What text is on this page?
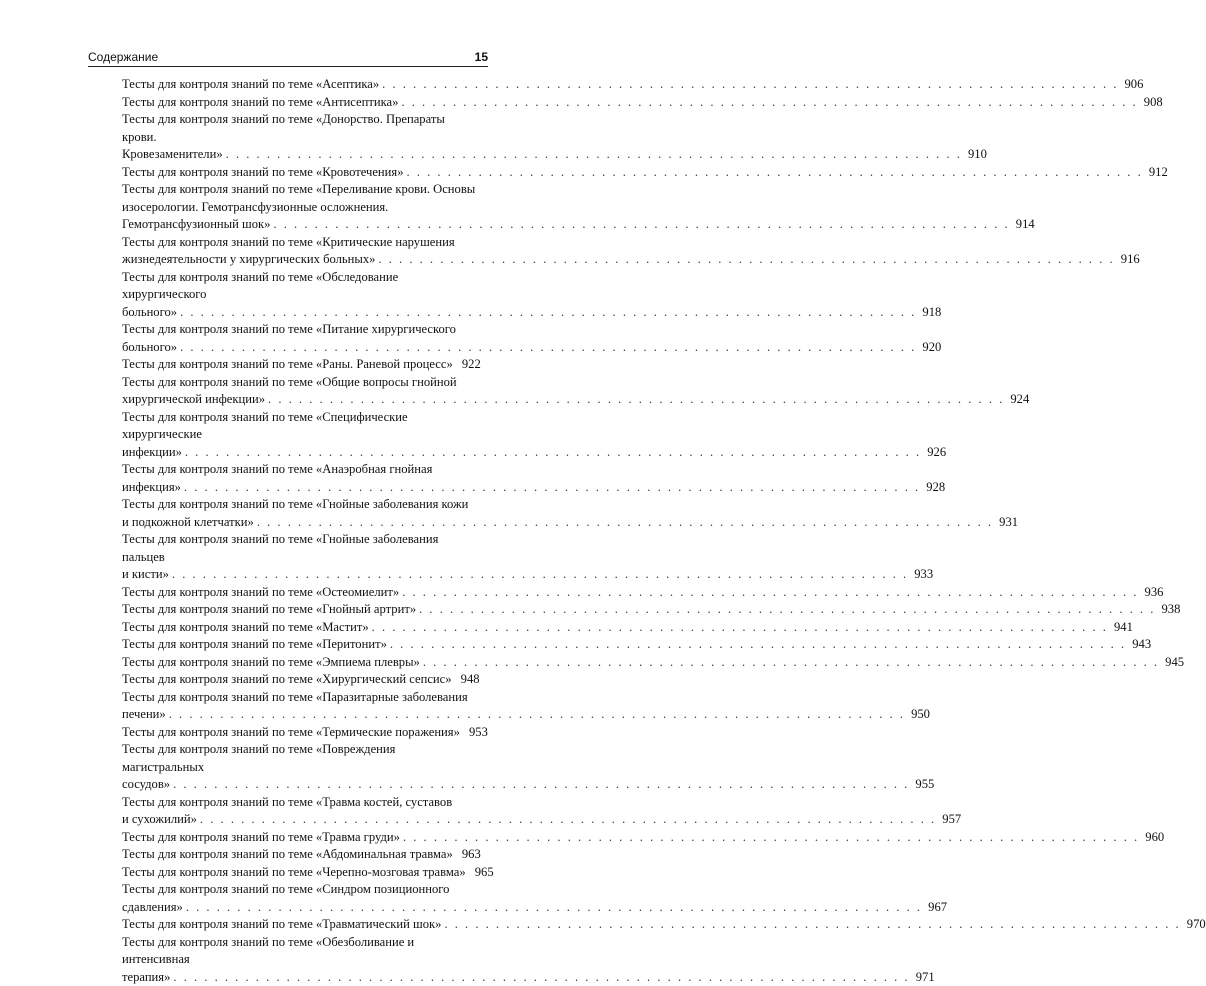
Содержание	15
Тесты для контроля знаний по теме «Асептика» . . . . . . . . . . . . . . . . . . . . . . . . . . . . . . . . . . . . . . . . . . . . . . . . . . . . . . . . . . . . . . . . . . . . . . . . 906
Тесты для контроля знаний по теме «Антисептика» . . . . . . . . . . . . . . . . . . . . . . . . . . . . . . . . . . . . . . . . . . . . . . . . . . . . . . . . . . . . . . . . . . . . . . . . 908
Тесты для контроля знаний по теме «Донорство. Препараты крови.
Кровезаменители» . . . . . . . . . . . . . . . . . . . . . . . . . . . . . . . . . . . . . . . . . . . . . . . . . . . . . . . . . . . . . . . . . . . . . . . . 910
Тесты для контроля знаний по теме «Кровотечения» . . . . . . . . . . . . . . . . . . . . . . . . . . . . . . . . . . . . . . . . . . . . . . . . . . . . . . . . . . . . . . . . . . . . . . . . 912
Тесты для контроля знаний по теме «Переливание крови. Основы изосерологии. Гемотрансфузионные осложнения.
Гемотрансфузионный шок» . . . . . . . . . . . . . . . . . . . . . . . . . . . . . . . . . . . . . . . . . . . . . . . . . . . . . . . . . . . . . . . . . . . . . . . . 914
Тесты для контроля знаний по теме «Критические нарушения
жизнедеятельности у хирургических больных» . . . . . . . . . . . . . . . . . . . . . . . . . . . . . . . . . . . . . . . . . . . . . . . . . . . . . . . . . . . . . . . . . . . . . . . . 916
Тесты для контроля знаний по теме «Обследование хирургического
больного» . . . . . . . . . . . . . . . . . . . . . . . . . . . . . . . . . . . . . . . . . . . . . . . . . . . . . . . . . . . . . . . . . . . . . . . . 918
Тесты для контроля знаний по теме «Питание хирургического
больного» . . . . . . . . . . . . . . . . . . . . . . . . . . . . . . . . . . . . . . . . . . . . . . . . . . . . . . . . . . . . . . . . . . . . . . . . 920
Тесты для контроля знаний по теме «Раны. Раневой процесс» 922
Тесты для контроля знаний по теме «Общие вопросы гнойной
хирургической инфекции» . . . . . . . . . . . . . . . . . . . . . . . . . . . . . . . . . . . . . . . . . . . . . . . . . . . . . . . . . . . . . . . . . . . . . . . . 924
Тесты для контроля знаний по теме «Специфические хирургические
инфекции» . . . . . . . . . . . . . . . . . . . . . . . . . . . . . . . . . . . . . . . . . . . . . . . . . . . . . . . . . . . . . . . . . . . . . . . . 926
Тесты для контроля знаний по теме «Анаэробная гнойная
инфекция» . . . . . . . . . . . . . . . . . . . . . . . . . . . . . . . . . . . . . . . . . . . . . . . . . . . . . . . . . . . . . . . . . . . . . . . . 928
Тесты для контроля знаний по теме «Гнойные заболевания кожи
и подкожной клетчатки» . . . . . . . . . . . . . . . . . . . . . . . . . . . . . . . . . . . . . . . . . . . . . . . . . . . . . . . . . . . . . . . . . . . . . . . . 931
Тесты для контроля знаний по теме «Гнойные заболевания пальцев
и кисти» . . . . . . . . . . . . . . . . . . . . . . . . . . . . . . . . . . . . . . . . . . . . . . . . . . . . . . . . . . . . . . . . . . . . . . . . 933
Тесты для контроля знаний по теме «Остеомиелит» . . . . . . . . . . . . . . . . . . . . . . . . . . . . . . . . . . . . . . . . . . . . . . . . . . . . . . . . . . . . . . . . . . . . . . . . 936
Тесты для контроля знаний по теме «Гнойный артрит» . . . . . . . . . . . . . . . . . . . . . . . . . . . . . . . . . . . . . . . . . . . . . . . . . . . . . . . . . . . . . . . . . . . . . . . . 938
Тесты для контроля знаний по теме «Мастит» . . . . . . . . . . . . . . . . . . . . . . . . . . . . . . . . . . . . . . . . . . . . . . . . . . . . . . . . . . . . . . . . . . . . . . . . 941
Тесты для контроля знаний по теме «Перитонит» . . . . . . . . . . . . . . . . . . . . . . . . . . . . . . . . . . . . . . . . . . . . . . . . . . . . . . . . . . . . . . . . . . . . . . . . 943
Тесты для контроля знаний по теме «Эмпиема плевры» . . . . . . . . . . . . . . . . . . . . . . . . . . . . . . . . . . . . . . . . . . . . . . . . . . . . . . . . . . . . . . . . . . . . . . . . 945
Тесты для контроля знаний по теме «Хирургический сепсис» 948
Тесты для контроля знаний по теме «Паразитарные заболевания
печени» . . . . . . . . . . . . . . . . . . . . . . . . . . . . . . . . . . . . . . . . . . . . . . . . . . . . . . . . . . . . . . . . . . . . . . . . 950
Тесты для контроля знаний по теме «Термические поражения» 953
Тесты для контроля знаний по теме «Повреждения магистральных
сосудов» . . . . . . . . . . . . . . . . . . . . . . . . . . . . . . . . . . . . . . . . . . . . . . . . . . . . . . . . . . . . . . . . . . . . . . . . 955
Тесты для контроля знаний по теме «Травма костей, суставов
и сухожилий» . . . . . . . . . . . . . . . . . . . . . . . . . . . . . . . . . . . . . . . . . . . . . . . . . . . . . . . . . . . . . . . . . . . . . . . . 957
Тесты для контроля знаний по теме «Травма груди» . . . . . . . . . . . . . . . . . . . . . . . . . . . . . . . . . . . . . . . . . . . . . . . . . . . . . . . . . . . . . . . . . . . . . . . . 960
Тесты для контроля знаний по теме «Абдоминальная травма» 963
Тесты для контроля знаний по теме «Черепно-мозговая травма» 965
Тесты для контроля знаний по теме «Синдром позиционного
сдавления» . . . . . . . . . . . . . . . . . . . . . . . . . . . . . . . . . . . . . . . . . . . . . . . . . . . . . . . . . . . . . . . . . . . . . . . . 967
Тесты для контроля знаний по теме «Травматический шок» . . . . . . . . . . . . . . . . . . . . . . . . . . . . . . . . . . . . . . . . . . . . . . . . . . . . . . . . . . . . . . . . . . . . . . . . 970
Тесты для контроля знаний по теме «Обезболивание и интенсивная
терапия» . . . . . . . . . . . . . . . . . . . . . . . . . . . . . . . . . . . . . . . . . . . . . . . . . . . . . . . . . . . . . . . . . . . . . . . . 971
